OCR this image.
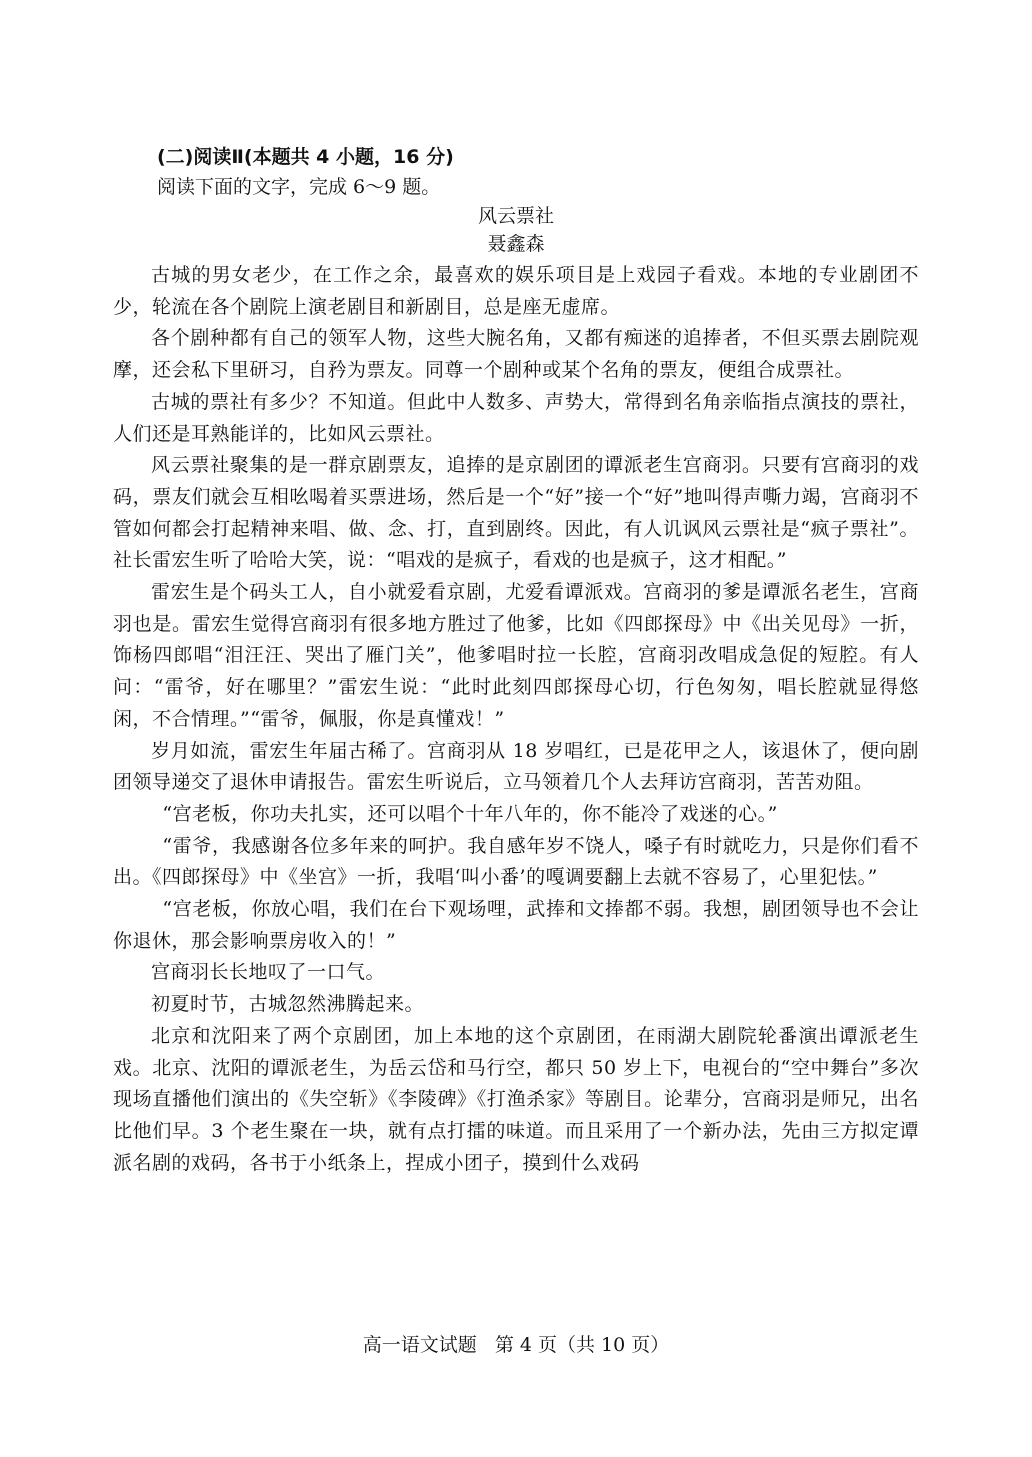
(二)阅读Ⅱ(本题共 4 小题，16 分)

阅读下面的文字，完成 6～9 题。

风云票社

聂鑫森

古城的男女老少，在工作之余，最喜欢的娱乐项目是上戏园子看戏。本地的专业剧团不少，轮流在各个剧院上演老剧目和新剧目，总是座无虚席。

各个剧种都有自己的领军人物，这些大腕名角，又都有痴迷的追捧者，不但买票去剧院观摩，还会私下里研习，自矜为票友。同尊一个剧种或某个名角的票友，便组合成票社。

古城的票社有多少？不知道。但此中人数多、声势大，常得到名角亲临指点演技的票社，人们还是耳熟能详的，比如风云票社。

风云票社聚集的是一群京剧票友，追捧的是京剧团的谭派老生宫商羽。只要有宫商羽的戏码，票友们就会互相吆喝着买票进场，然后是一个“好”接一个“好”地叫得声嘶力竭，宫商羽不管如何都会打起精神来唱、做、念、打，直到剧终。因此，有人讥讽风云票社是“疯子票社”。社长雷宏生听了哈哈大笑，说：“唱戏的是疯子，看戏的也是疯子，这才相配。”

雷宏生是个码头工人，自小就爱看京剧，尤爱看谭派戏。宫商羽的爹是谭派名老生，宫商羽也是。雷宏生觉得宫商羽有很多地方胜过了他爹，比如《四郎探母》中《出关见母》一折，饰杨四郎唱“泪汪汪、哭出了雁门关”，他爹唱时拉一长腔，宫商羽改唱成急促的短腔。有人问：“雷爷，好在哪里？”雷宏生说：“此时此刻四郎探母心切，行色匆匆，唱长腔就显得悠闲，不合情理。”“雷爷，佩服，你是真懂戏！”

岁月如流，雷宏生年届古稀了。宫商羽从 18 岁唱红，已是花甲之人，该退休了，便向剧团领导递交了退休申请报告。雷宏生听说后，立马领着几个人去拜访宫商羽，苦苦劝阻。

“宫老板，你功夫扎实，还可以唱个十年八年的，你不能冷了戏迷的心。”

“雷爷，我感谢各位多年来的呵护。我自感年岁不饶人，嗓子有时就吃力，只是你们看不出。《四郎探母》中《坐宫》一折，我唱‘叫小番’的嘎调要翻上去就不容易了，心里犯怯。”

“宫老板，你放心唱，我们在台下观场哩，武捧和文捧都不弱。我想，剧团领导也不会让你退休，那会影响票房收入的！”

宫商羽长长地叹了一口气。

初夏时节，古城忽然沸腾起来。

北京和沈阳来了两个京剧团，加上本地的这个京剧团，在雨湖大剧院轮番演出谭派老生戏。北京、沈阳的谭派老生，为岳云岱和马行空，都只 50 岁上下，电视台的“空中舞台”多次现场直播他们演出的《失空斩》《李陵碑》《打渔杀家》等剧目。论辈分，宫商羽是师兄，出名比他们早。3 个老生聚在一块，就有点打擂的味道。而且采用了一个新办法，先由三方拟定谭派名剧的戏码，各书于小纸条上，捏成小团子，摸到什么戏码

高一语文试题 第 4 页（共 10 页）
